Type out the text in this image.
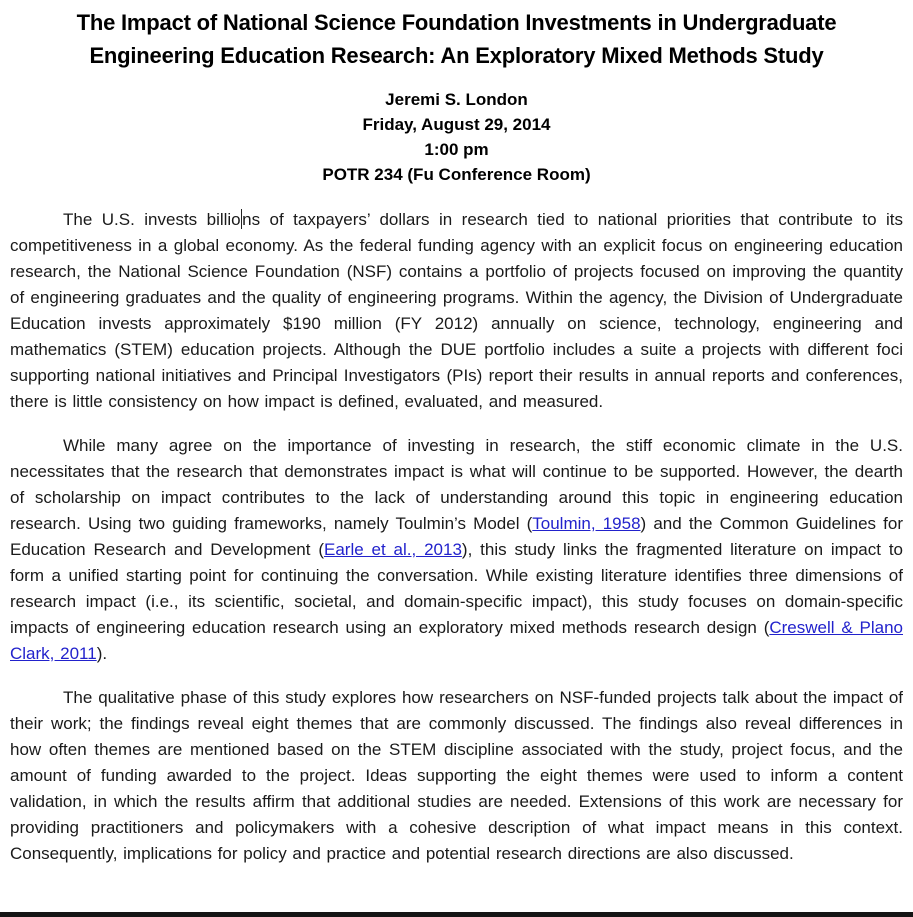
The Impact of National Science Foundation Investments in Undergraduate
Engineering Education Research: An Exploratory Mixed Methods Study
Jeremi S. London
Friday, August 29, 2014
1:00 pm
POTR 234 (Fu Conference Room)

The U.S. invests billions of taxpayers’ dollars in research tied to national priorities that contribute to its competitiveness in a global economy. As the federal funding agency with an explicit focus on engineering education research, the National Science Foundation (NSF) contains a portfolio of projects focused on improving the quantity of engineering graduates and the quality of engineering programs. Within the agency, the Division of Undergraduate Education invests approximately $190 million (FY 2012) annually on science, technology, engineering and mathematics (STEM) education projects. Although the DUE portfolio includes a suite a projects with different foci supporting national initiatives and Principal Investigators (PIs) report their results in annual reports and conferences, there is little consistency on how impact is defined, evaluated, and measured.

While many agree on the importance of investing in research, the stiff economic climate in the U.S. necessitates that the research that demonstrates impact is what will continue to be supported. However, the dearth of scholarship on impact contributes to the lack of understanding around this topic in engineering education research. Using two guiding frameworks, namely Toulmin’s Model (Toulmin, 1958) and the Common Guidelines for Education Research and Development (Earle et al., 2013), this study links the fragmented literature on impact to form a unified starting point for continuing the conversation. While existing literature identifies three dimensions of research impact (i.e., its scientific, societal, and domain-specific impact), this study focuses on domain-specific impacts of engineering education research using an exploratory mixed methods research design (Creswell & Plano Clark, 2011).

The qualitative phase of this study explores how researchers on NSF-funded projects talk about the impact of their work; the findings reveal eight themes that are commonly discussed. The findings also reveal differences in how often themes are mentioned based on the STEM discipline associated with the study, project focus, and the amount of funding awarded to the project. Ideas supporting the eight themes were used to inform a content validation, in which the results affirm that additional studies are needed. Extensions of this work are necessary for providing practitioners and policymakers with a cohesive description of what impact means in this context. Consequently, implications for policy and practice and potential research directions are also discussed.
